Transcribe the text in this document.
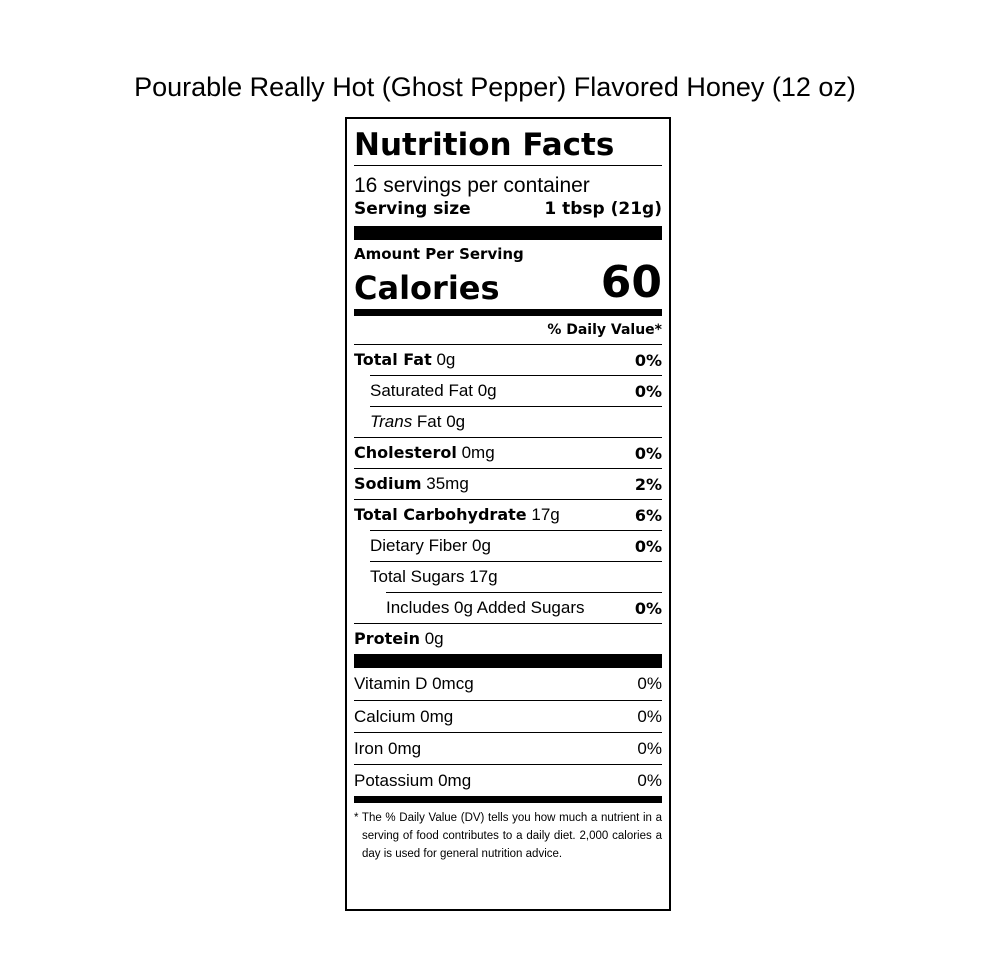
Pourable Really Hot (Ghost Pepper) Flavored Honey (12 oz)
Nutrition Facts
16 servings per container
Serving size	1 tbsp (21g)
Amount Per Serving
Calories 60
% Daily Value*
Total Fat 0g	0%
Saturated Fat 0g	0%
Trans Fat 0g
Cholesterol 0mg	0%
Sodium 35mg	2%
Total Carbohydrate 17g	6%
Dietary Fiber 0g	0%
Total Sugars 17g
Includes 0g Added Sugars	0%
Protein 0g
Vitamin D 0mcg	0%
Calcium 0mg	0%
Iron 0mg	0%
Potassium 0mg	0%
* The % Daily Value (DV) tells you how much a nutrient in a serving of food contributes to a daily diet. 2,000 calories a day is used for general nutrition advice.
